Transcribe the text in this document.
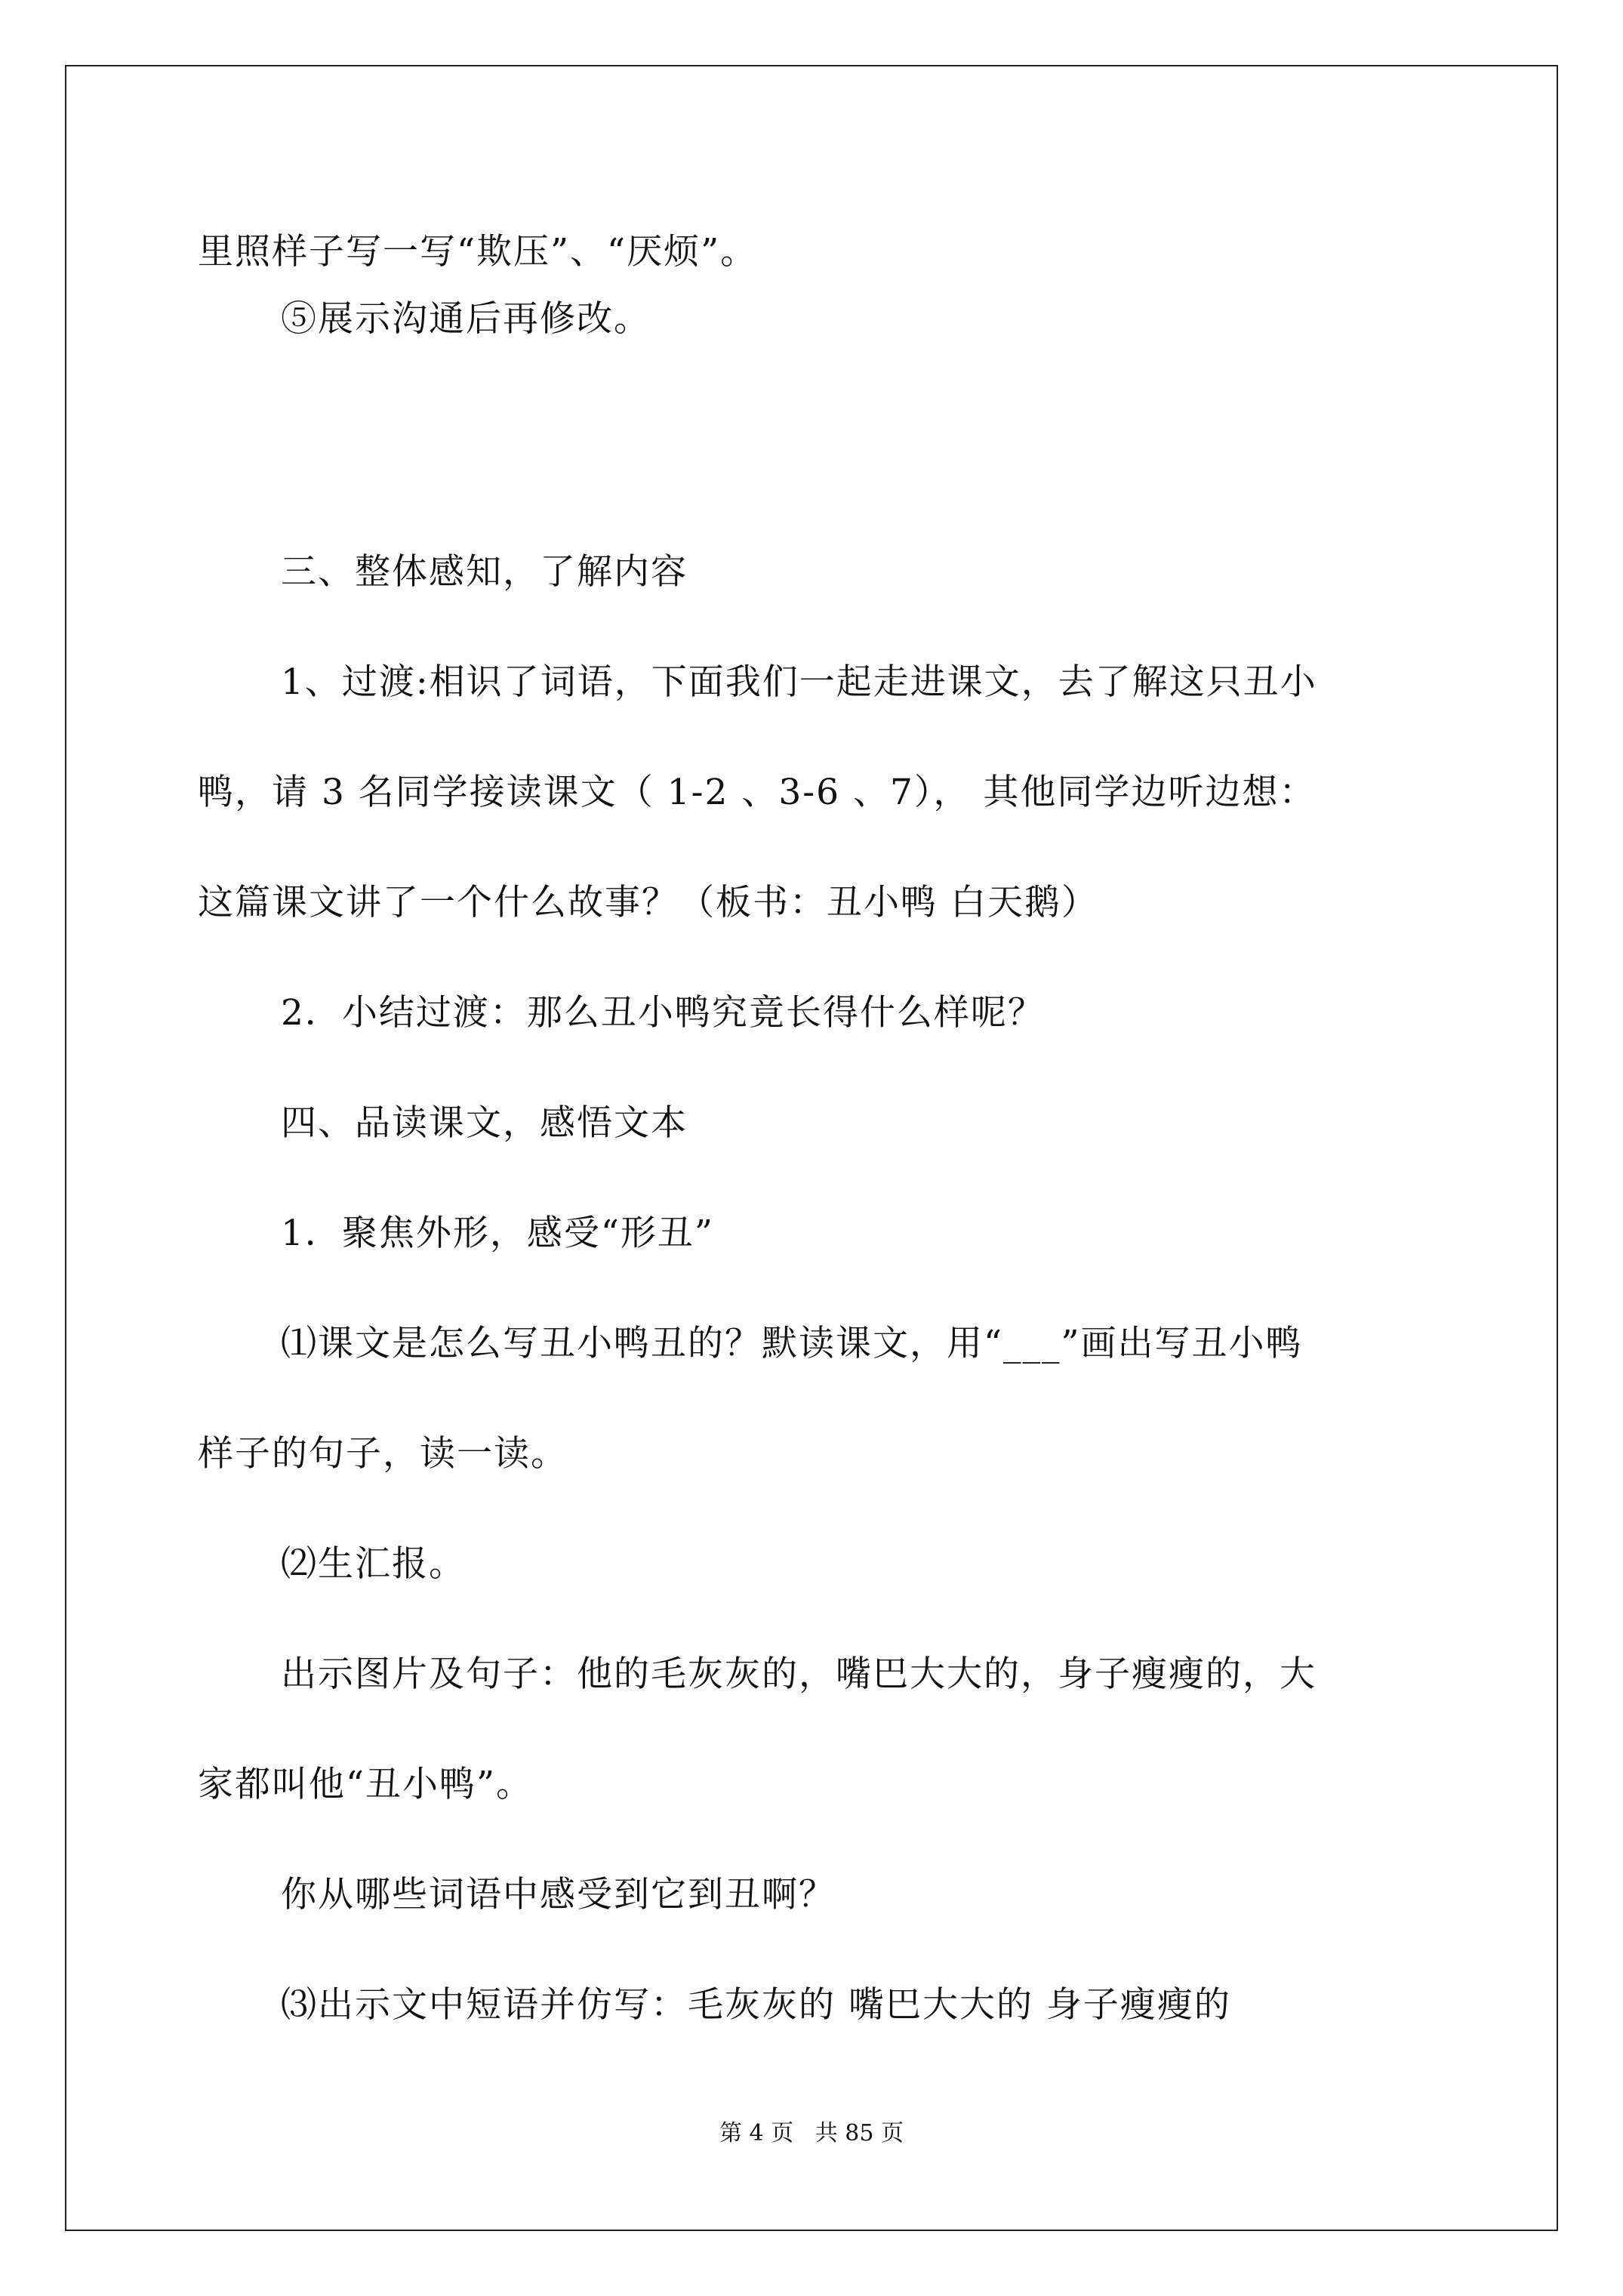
里照样子写一写“欺压”、“厌烦”。
⑤展示沟通后再修改。
三、整体感知，了解内容
1、过渡:相识了词语，下面我们一起走进课文，去了解这只丑小
鸭，请 3 名同学接读课文（ 1-2 、3-6 、7）， 其他同学边听边想：
这篇课文讲了一个什么故事？（板书：丑小鸭 白天鹅）
2．小结过渡：那么丑小鸭究竟长得什么样呢？
四、品读课文，感悟文本
1．聚焦外形，感受“形丑”
⑴课文是怎么写丑小鸭丑的？默读课文，用“___”画出写丑小鸭
样子的句子，读一读。
⑵生汇报。
出示图片及句子：他的毛灰灰的，嘴巴大大的，身子瘦瘦的，大
家都叫他“丑小鸭”。
你从哪些词语中感受到它到丑啊？
⑶出示文中短语并仿写：毛灰灰的 嘴巴大大的 身子瘦瘦的
第 4 页   共 85 页
